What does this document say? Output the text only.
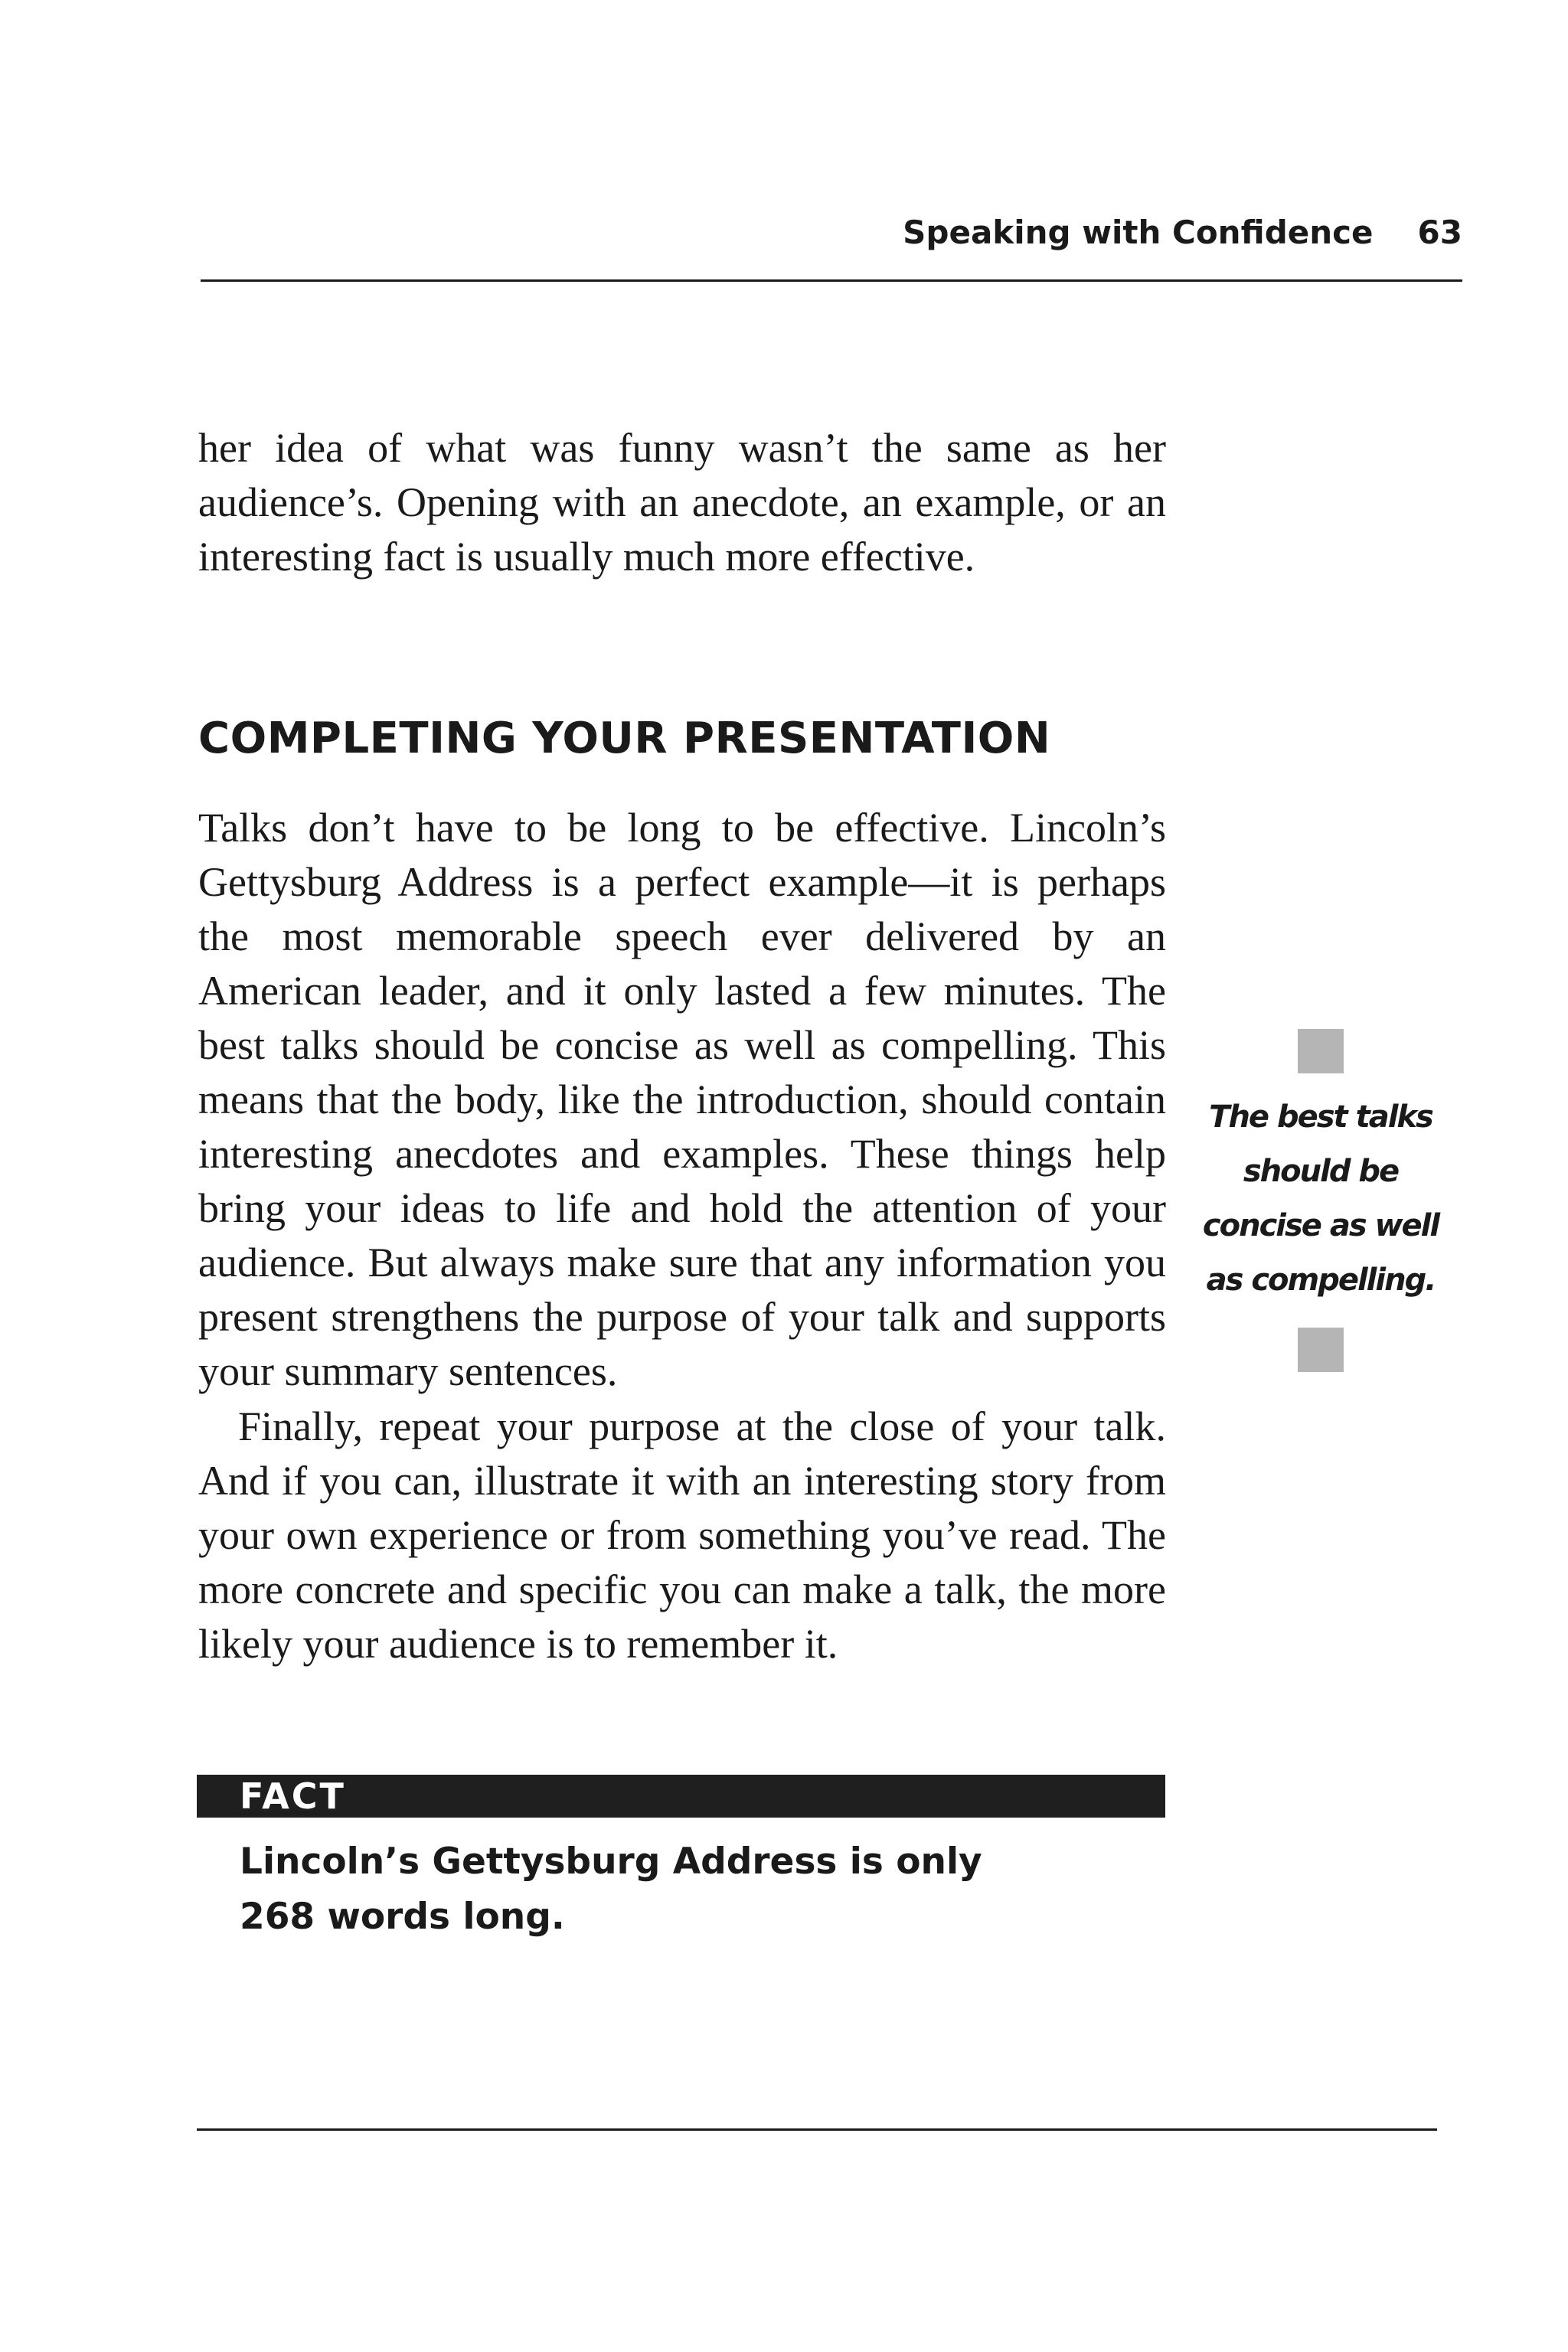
Speaking with Confidence 63

her idea of what was funny wasn’t the same as her audience’s. Opening with an anecdote, an example, or an interesting fact is usually much more effective.

COMPLETING YOUR PRESENTATION

Talks don’t have to be long to be effective. Lincoln’s Gettysburg Address is a perfect example—it is perhaps the most memorable speech ever delivered by an American leader, and it only lasted a few minutes. The best talks should be concise as well as compelling. This means that the body, like the introduction, should contain interesting anecdotes and examples. These things help bring your ideas to life and hold the attention of your audience. But always make sure that any information you present strengthens the purpose of your talk and supports your summary sentences.

Finally, repeat your purpose at the close of your talk. And if you can, illustrate it with an interesting story from your own experience or from something you’ve read. The more concrete and specific you can make a talk, the more likely your audience is to remember it.

The best talks should be concise as well as compelling.
FACT
Lincoln’s Gettysburg Address is only 268 words long.
